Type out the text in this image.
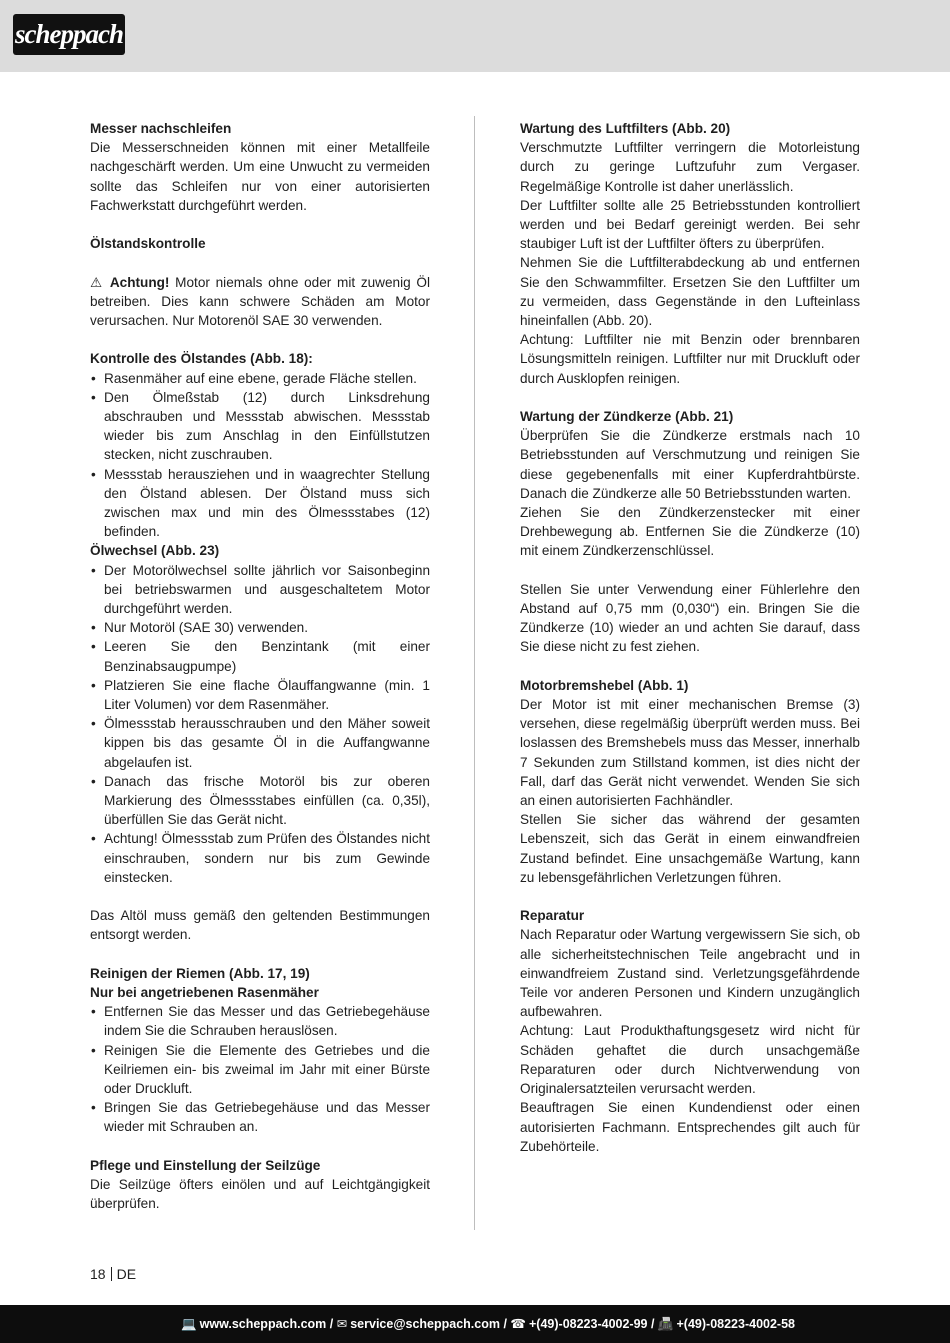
scheppach
Messer nachschleifen

Die Messerschneiden können mit einer Metallfeile nachgeschärft werden. Um eine Unwucht zu vermeiden sollte das Schleifen nur von einer autorisierten Fachwerkstatt durchgeführt werden.

Ölstandskontrolle

⚠ Achtung! Motor niemals ohne oder mit zuwenig Öl betreiben. Dies kann schwere Schäden am Motor verursachen. Nur Motorenöl SAE 30 verwenden.

Kontrolle des Ölstandes (Abb. 18):
• Rasenmäher auf eine ebene, gerade Fläche stellen.
• Den Ölmeßstab (12) durch Linksdrehung abschrauben und Messstab abwischen. Messstab wieder bis zum Anschlag in den Einfüllstutzen stecken, nicht zuschrauben.
• Messstab herausziehen und in waagrechter Stellung den Ölstand ablesen. Der Ölstand muss sich zwischen max und min des Ölmessstabes (12) befinden.
Ölwechsel (Abb. 23)
• Der Motorölwechsel sollte jährlich vor Saisonbeginn bei betriebswarmen und ausgeschaltetem Motor durchgeführt werden.
• Nur Motoröl (SAE 30) verwenden.
• Leeren Sie den Benzintank (mit einer Benzinabsaugpumpe)
• Platzieren Sie eine flache Ölauffangwanne (min. 1 Liter Volumen) vor dem Rasenmäher.
• Ölmessstab herausschrauben und den Mäher soweit kippen bis das gesamte Öl in die Auffangwanne abgelaufen ist.
• Danach das frische Motoröl bis zur oberen Markierung des Ölmessstabes einfüllen (ca. 0,35l), überfüllen Sie das Gerät nicht.
• Achtung! Ölmessstab zum Prüfen des Ölstandes nicht einschrauben, sondern nur bis zum Gewinde einstecken.

Das Altöl muss gemäß den geltenden Bestimmungen entsorgt werden.

Reinigen der Riemen (Abb. 17, 19)
Nur bei angetriebenen Rasenmäher
• Entfernen Sie das Messer und das Getriebegehäuse indem Sie die Schrauben herauslösen.
• Reinigen Sie die Elemente des Getriebes und die Keilriemen ein- bis zweimal im Jahr mit einer Bürste oder Druckluft.
• Bringen Sie das Getriebegehäuse und das Messer wieder mit Schrauben an.
Pflege und Einstellung der Seilzüge

Die Seilzüge öfters einölen und auf Leichtgängigkeit überprüfen.

Wartung des Luftfilters (Abb. 20)

Verschmutzte Luftfilter verringern die Motorleistung durch zu geringe Luftzufuhr zum Vergaser. Regelmäßige Kontrolle ist daher unerlässlich.

Der Luftfilter sollte alle 25 Betriebsstunden kontrolliert werden und bei Bedarf gereinigt werden. Bei sehr staubiger Luft ist der Luftfilter öfters zu überprüfen.

Nehmen Sie die Luftfilterabdeckung ab und entfernen Sie den Schwammfilter. Ersetzen Sie den Luftfilter um zu vermeiden, dass Gegenstände in den Lufteinlass hineinfallen (Abb. 20).

Achtung: Luftfilter nie mit Benzin oder brennbaren Lösungsmitteln reinigen. Luftfilter nur mit Druckluft oder durch Ausklopfen reinigen.

Wartung der Zündkerze (Abb. 21)

Überprüfen Sie die Zündkerze erstmals nach 10 Betriebsstunden auf Verschmutzung und reinigen Sie diese gegebenenfalls mit einer Kupferdrahtbürste. Danach die Zündkerze alle 50 Betriebsstunden warten.

Ziehen Sie den Zündkerzenstecker mit einer Drehbewegung ab. Entfernen Sie die Zündkerze (10) mit einem Zündkerzenschlüssel.

Stellen Sie unter Verwendung einer Fühlerlehre den Abstand auf 0,75 mm (0,030“) ein. Bringen Sie die Zündkerze (10) wieder an und achten Sie darauf, dass Sie diese nicht zu fest ziehen.

Motorbremshebel (Abb. 1)

Der Motor ist mit einer mechanischen Bremse (3) versehen, diese regelmäßig überprüft werden muss. Bei loslassen des Bremshebels muss das Messer, innerhalb 7 Sekunden zum Stillstand kommen, ist dies nicht der Fall, darf das Gerät nicht verwendet. Wenden Sie sich an einen autorisierten Fachhändler.

Stellen Sie sicher das während der gesamten Lebenszeit, sich das Gerät in einem einwandfreien Zustand befindet. Eine unsachgemäße Wartung, kann zu lebensgefährlichen Verletzungen führen.

Reparatur

Nach Reparatur oder Wartung vergewissern Sie sich, ob alle sicherheitstechnischen Teile angebracht und in einwandfreiem Zustand sind. Verletzungsgefährdende Teile vor anderen Personen und Kindern unzugänglich aufbewahren.

Achtung: Laut Produkthaftungsgesetz wird nicht für Schäden gehaftet die durch unsachgemäße Reparaturen oder durch Nichtverwendung von Originalersatzteilen verursacht werden.

Beauftragen Sie einen Kundendienst oder einen autorisierten Fachmann. Entsprechendes gilt auch für Zubehörteile.

18 DE
💻 www.scheppach.com / ✉ service@scheppach.com / ☎ +(49)-08223-4002-99 / 📠 +(49)-08223-4002-58
